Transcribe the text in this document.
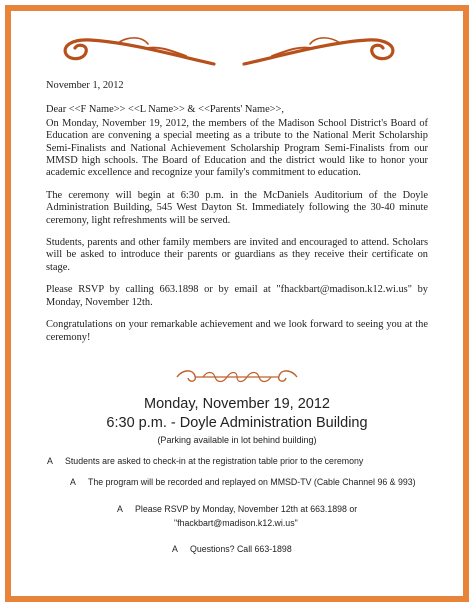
November 1, 2012

Dear <<F Name>> <<L Name>> & <<Parents' Name>>,

On Monday, November 19, 2012, the members of the Madison School District's Board of Education are convening a special meeting as a tribute to the National Merit Scholarship Semi-Finalists and National Achievement Scholarship Program Semi-Finalists from our MMSD high schools. The Board of Education and the district would like to honor your academic excellence and recognize your family's commitment to education.

The ceremony will begin at 6:30 p.m. in the McDaniels Auditorium of the Doyle Administration Building, 545 West Dayton St. Immediately following the 30-40 minute ceremony, light refreshments will be served.

Students, parents and other family members are invited and encouraged to attend. Scholars will be asked to introduce their parents or guardians as they receive their certificate on stage.

Please RSVP by calling 663.1898 or by email at "fhackbart@madison.k12.wi.us" by Monday, November 12th.

Congratulations on your remarkable achievement and we look forward to seeing you at the ceremony!

Monday, November 19, 2012
6:30 p.m. - Doyle Administration Building
(Parking available in lot behind building)
A Students are asked to check-in at the registration table prior to the ceremony
A The program will be recorded and replayed on MMSD-TV (Cable Channel 96 & 993)
A Please RSVP by Monday, November 12th at 663.1898 or
"fhackbart@madison.k12.wi.us"
A Questions? Call 663-1898
